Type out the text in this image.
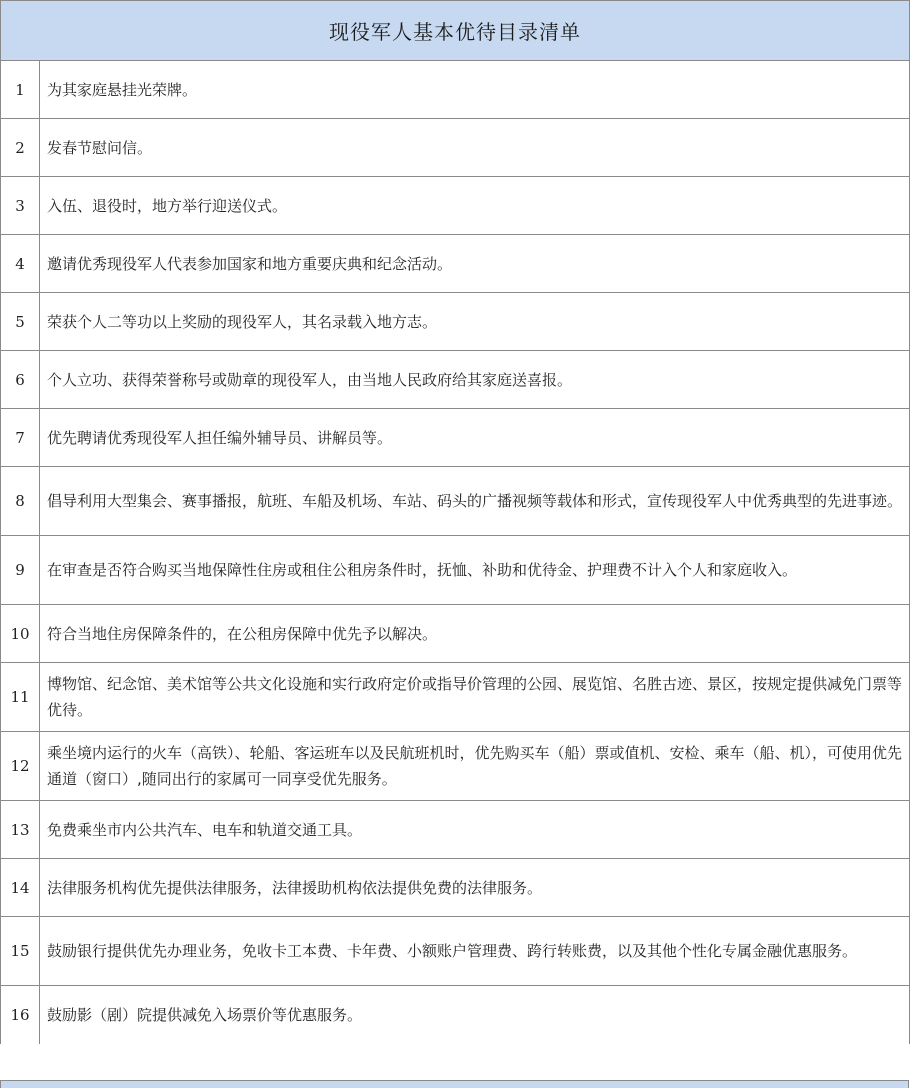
现役军人基本优待目录清单	
1	为其家庭悬挂光荣牌。
2	发春节慰问信。
3	入伍、退役时，地方举行迎送仪式。
4	邀请优秀现役军人代表参加国家和地方重要庆典和纪念活动。
5	荣获个人二等功以上奖励的现役军人，其名录载入地方志。
6	个人立功、获得荣誉称号或勋章的现役军人，由当地人民政府给其家庭送喜报。
7	优先聘请优秀现役军人担任编外辅导员、讲解员等。
8	倡导利用大型集会、赛事播报，航班、车船及机场、车站、码头的广播视频等载体和形式，宣传现役军人中优秀典型的先进事迹。
9	在审查是否符合购买当地保障性住房或租住公租房条件时，抚恤、补助和优待金、护理费不计入个人和家庭收入。
10	符合当地住房保障条件的，在公租房保障中优先予以解决。
11	博物馆、纪念馆、美术馆等公共文化设施和实行政府定价或指导价管理的公园、展览馆、名胜古迹、景区，按规定提供减免门票等优待。
12	乘坐境内运行的火车（高铁）、轮船、客运班车以及民航班机时，优先购买车（船）票或值机、安检、乘车（船、机），可使用优先通道（窗口）,随同出行的家属可一同享受优先服务。
13	免费乘坐市内公共汽车、电车和轨道交通工具。
14	法律服务机构优先提供法律服务，法律援助机构依法提供免费的法律服务。
15	鼓励银行提供优先办理业务，免收卡工本费、卡年费、小额账户管理费、跨行转账费，以及其他个性化专属金融优惠服务。
16	鼓励影（剧）院提供减免入场票价等优惠服务。
